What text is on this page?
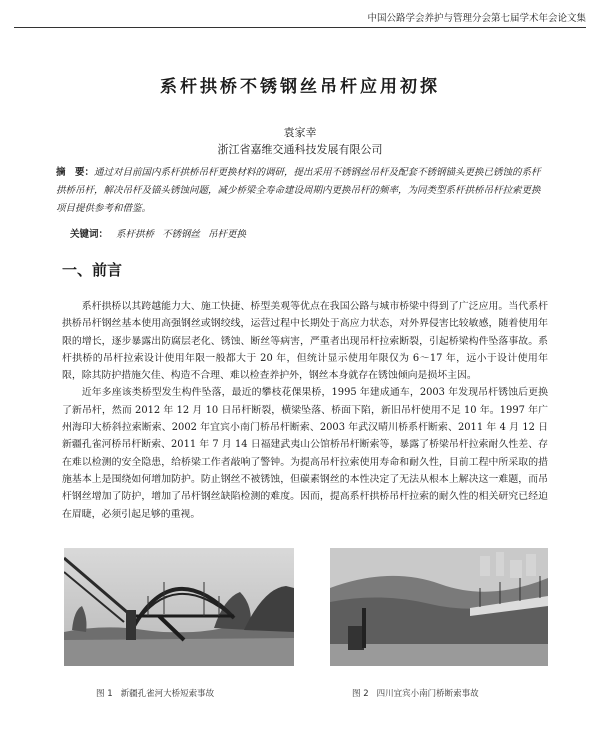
中国公路学会养护与管理分会第七届学术年会论文集
系杆拱桥不锈钢丝吊杆应用初探
袁家幸
浙江省嘉维交通科技发展有限公司
摘　要：通过对目前国内系杆拱桥吊杆更换材料的调研，提出采用不锈钢丝吊杆及配套不锈钢锚头更换已锈蚀的系杆拱桥吊杆，解决吊杆及锚头锈蚀问题，减少桥梁全寿命建设周期内更换吊杆的频率，为同类型系杆拱桥吊杆拉索更换项目提供参考和借鉴。
关键词： 系杆拱桥 不锈钢丝 吊杆更换
一、前言

系杆拱桥以其跨越能力大、施工快捷、桥型美观等优点在我国公路与城市桥梁中得到了广泛应用。当代系杆拱桥吊杆钢丝基本使用高强钢丝或钢绞线，运营过程中长期处于高应力状态，对外界侵害比较敏感，随着使用年限的增长，逐步暴露出防腐层老化、锈蚀、断丝等病害，严重者出现吊杆拉索断裂，引起桥梁构件坠落事故。系杆拱桥的吊杆拉索设计使用年限一般都大于 20 年，但统计显示使用年限仅为 6～17 年，远小于设计使用年限，除其防护措施欠佳、构造不合理、难以检查养护外，钢丝本身就存在锈蚀倾向是损坏主因。

近年多座该类桥型发生构件坠落，最近的攀枝花倮果桥，1995 年建成通车，2003 年发现吊杆锈蚀后更换了新吊杆，然而 2012 年 12 月 10 日吊杆断裂，横梁坠落、桥面下陷，新旧吊杆使用不足 10 年。1997 年广州海印大桥斜拉索断索、2002 年宜宾小南门桥吊杆断索、2003 年武汉晴川桥系杆断索、2011 年 4 月 12 日新疆孔雀河桥吊杆断索、2011 年 7 月 14 日福建武夷山公馆桥吊杆断索等，暴露了桥梁吊杆拉索耐久性差、存在难以检测的安全隐患，给桥梁工作者敲响了警钟。为提高吊杆拉索使用寿命和耐久性，目前工程中所采取的措施基本上是围绕如何增加防护。防止钢丝不被锈蚀，但碳素钢丝的本性决定了无法从根本上解决这一难题，而吊杆钢丝增加了防护，增加了吊杆钢丝缺陷检测的难度。因而，提高系杆拱桥吊杆拉索的耐久性的相关研究已经迫在眉睫，必须引起足够的重视。

图 1 新疆孔雀河大桥短索事故	图 2 四川宜宾小南门桥断索事故
